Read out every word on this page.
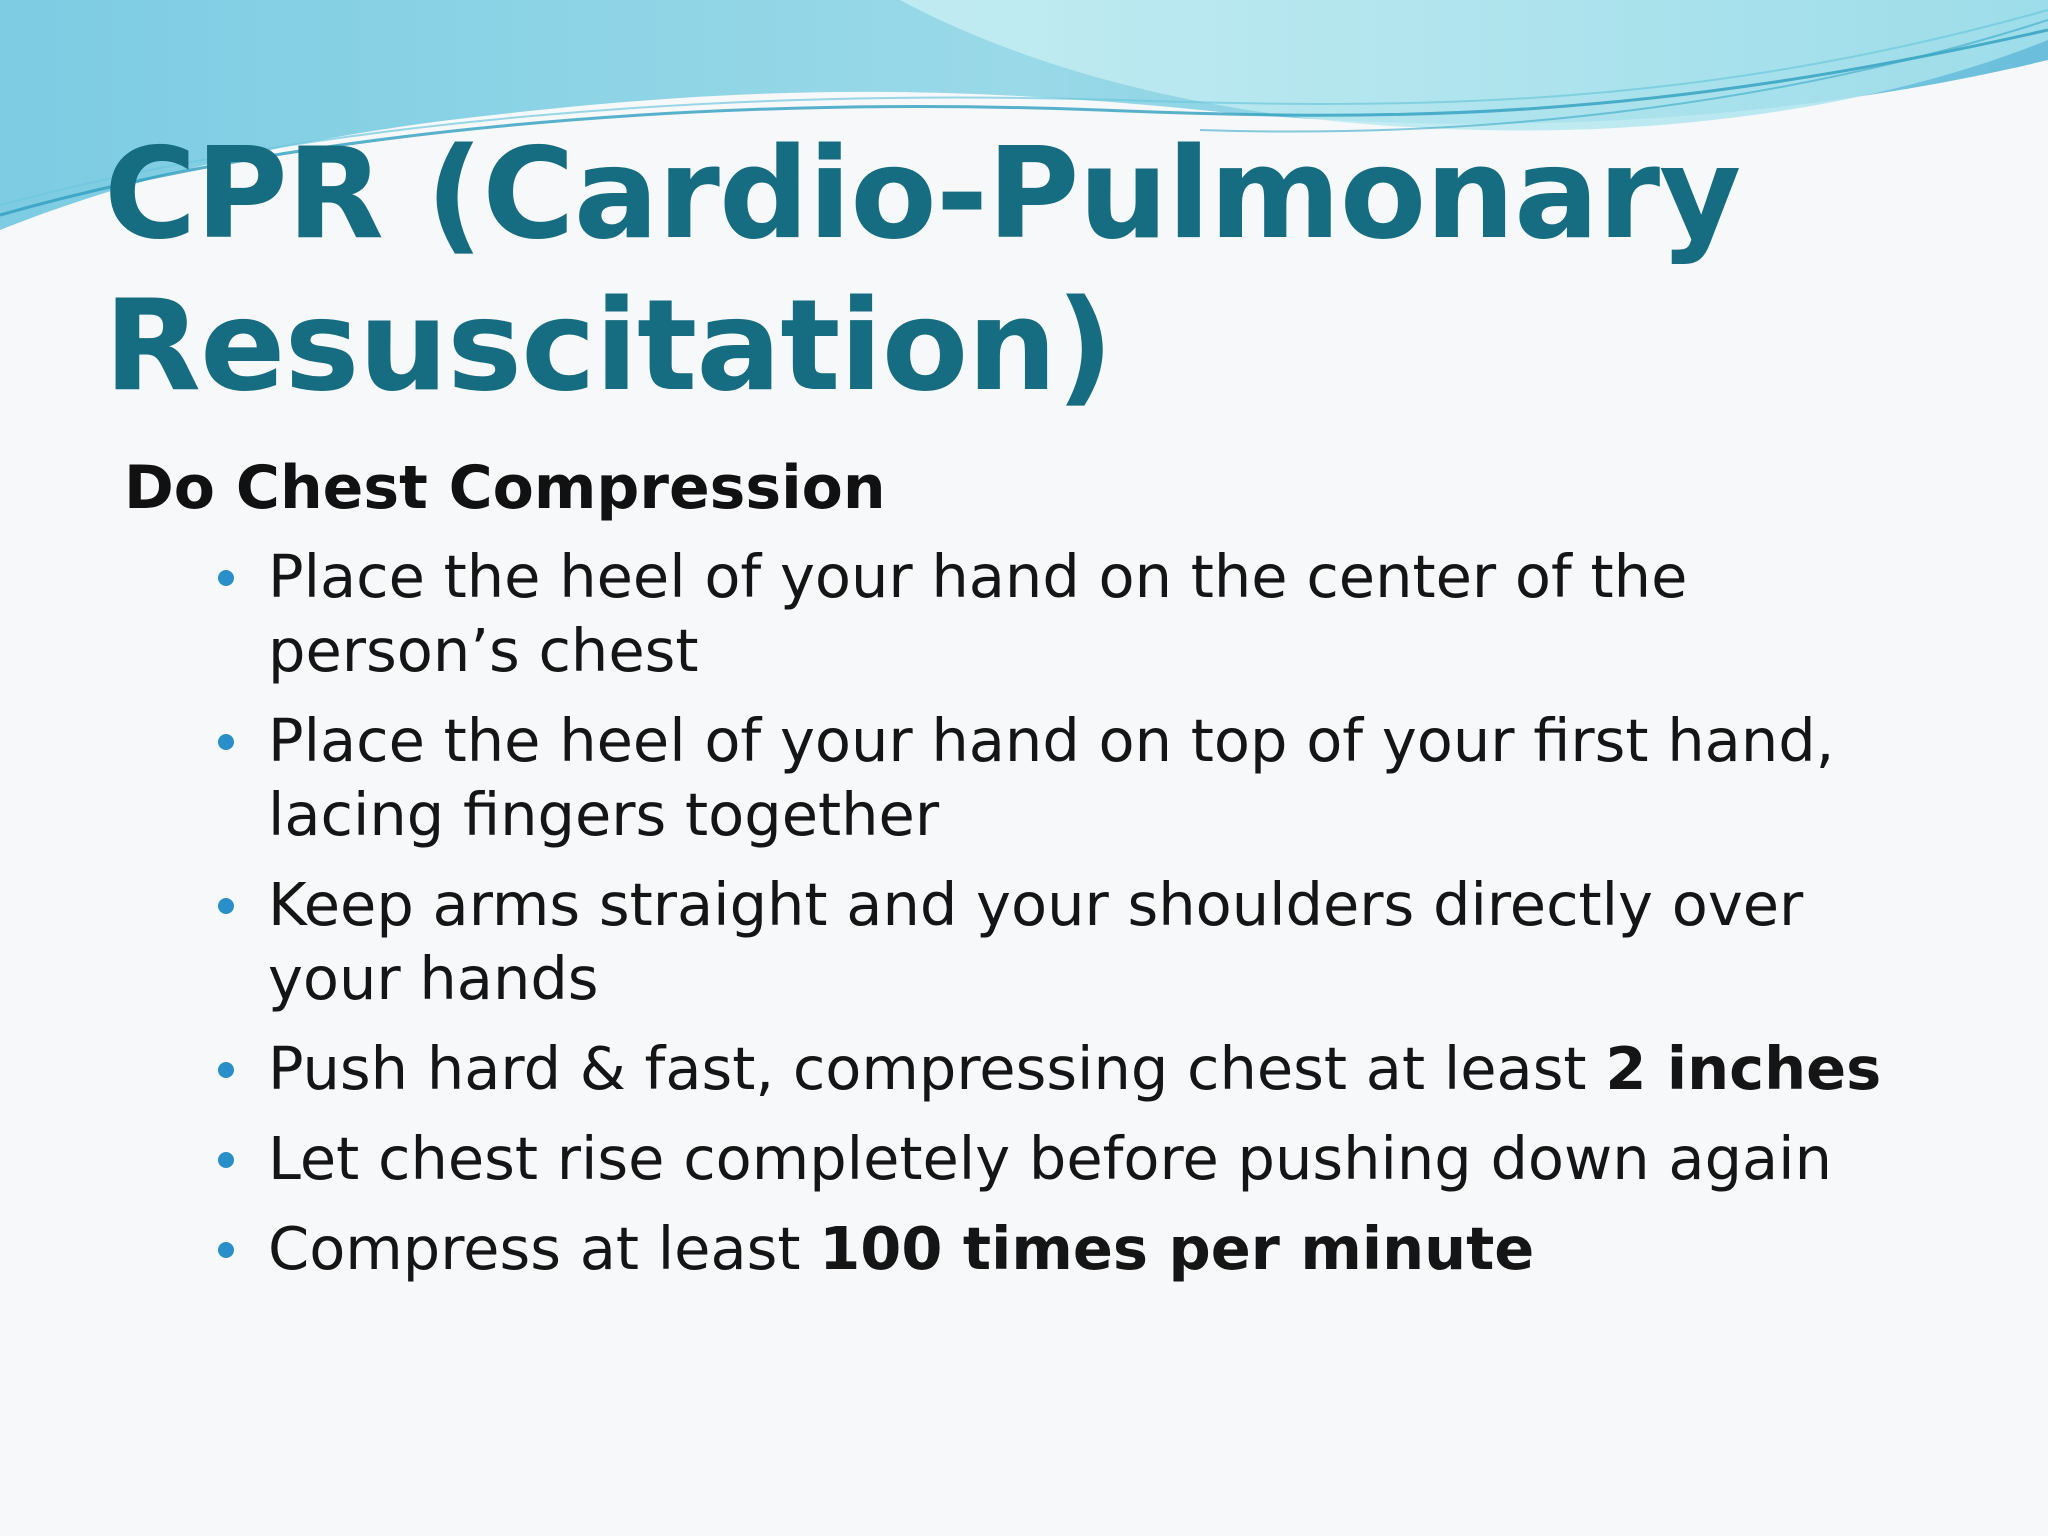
CPR (Cardio-Pulmonary
Resuscitation)
Do Chest Compression
Place the heel of your hand on the center of the
person’s chest
Place the heel of your hand on top of your first hand,
lacing fingers together
Keep arms straight and your shoulders directly over
your hands
Push hard & fast, compressing chest at least 2 inches
Let chest rise completely before pushing down again
Compress at least 100 times per minute
